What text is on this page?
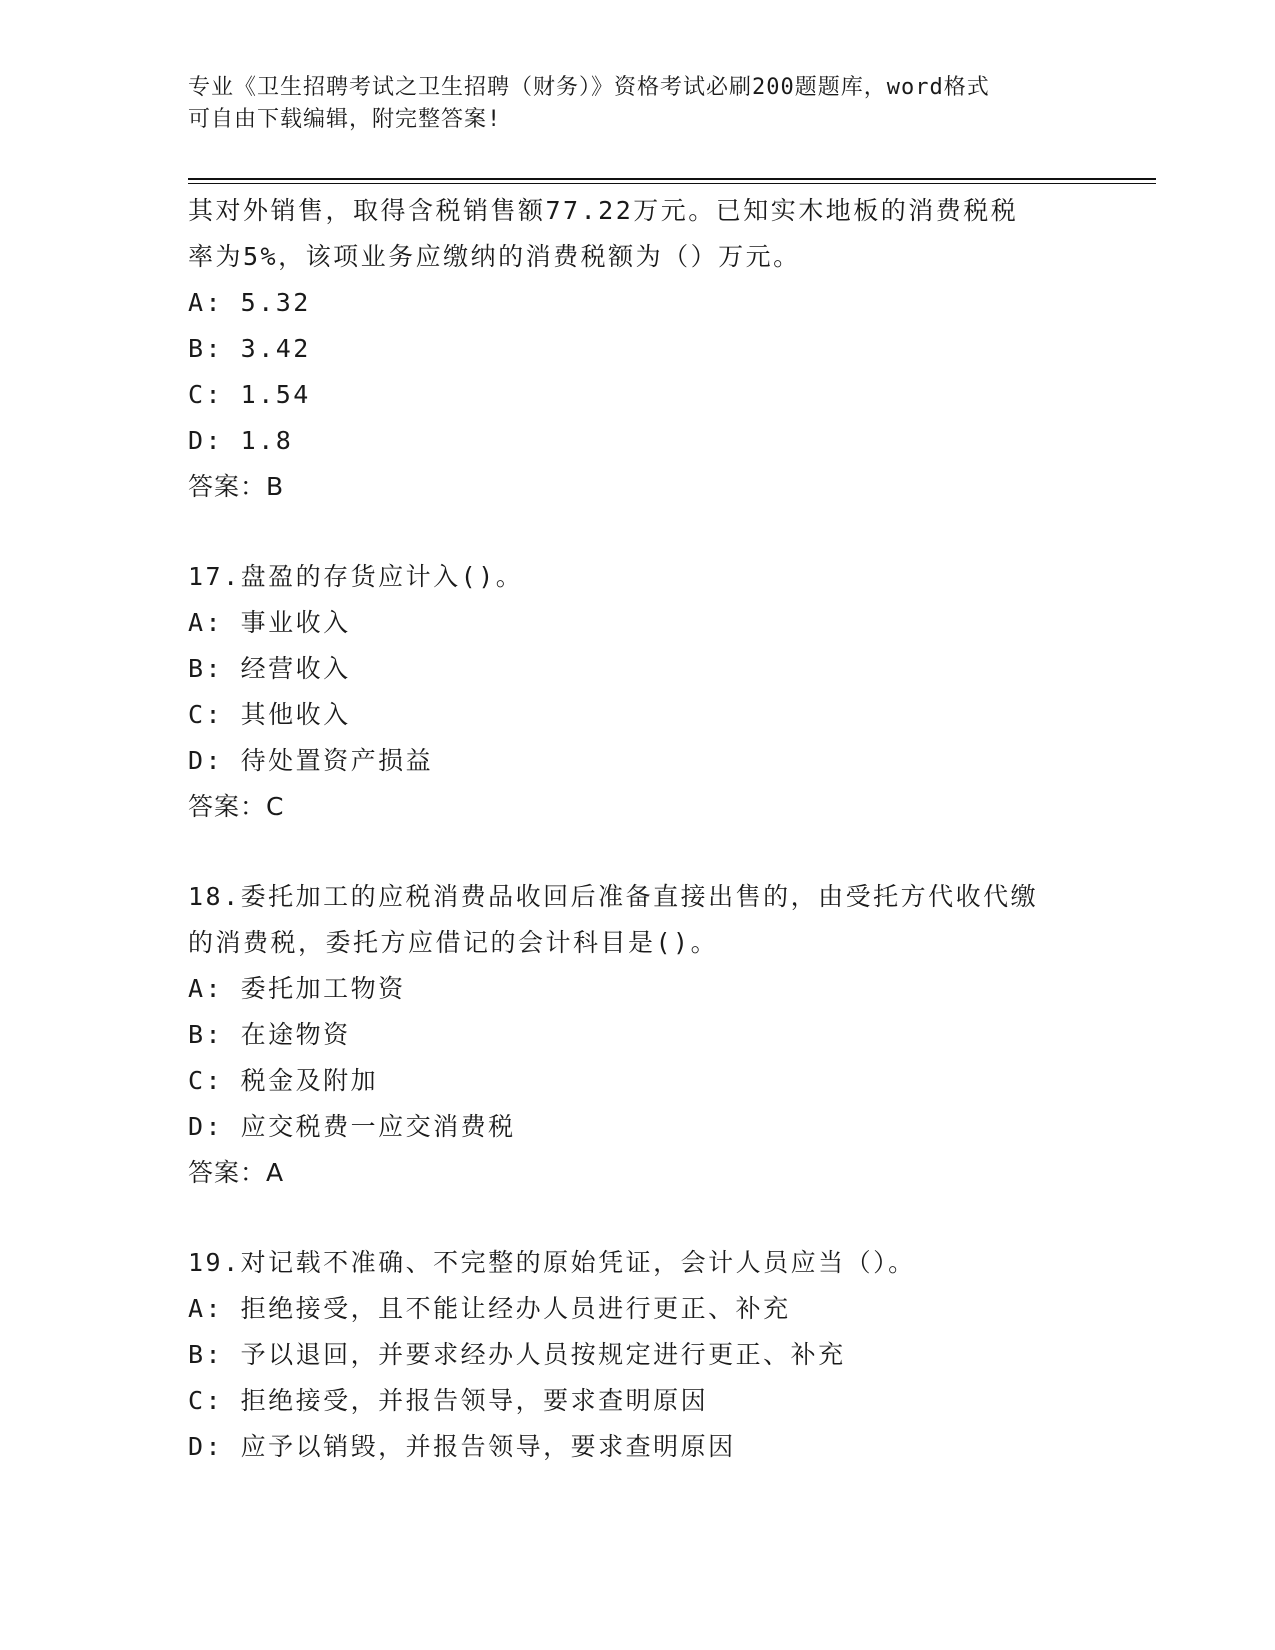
专业《卫生招聘考试之卫生招聘（财务）》资格考试必刷200题题库，word格式
可自由下载编辑，附完整答案!
其对外销售，取得含税销售额77.22万元。已知实木地板的消费税税
率为5%，该项业务应缴纳的消费税额为（）万元。
A: 5.32
B: 3.42
C: 1.54
D: 1.8
答案：B
17.盘盈的存货应计入()。
A: 事业收入
B: 经营收入
C: 其他收入
D: 待处置资产损益
答案：C
18.委托加工的应税消费品收回后准备直接出售的，由受托方代收代缴
的消费税，委托方应借记的会计科目是()。
A: 委托加工物资
B: 在途物资
C: 税金及附加
D: 应交税费一应交消费税
答案：A
19.对记载不准确、不完整的原始凭证，会计人员应当（）。
A: 拒绝接受，且不能让经办人员进行更正、补充
B: 予以退回，并要求经办人员按规定进行更正、补充
C: 拒绝接受，并报告领导，要求查明原因
D: 应予以销毁，并报告领导，要求查明原因
